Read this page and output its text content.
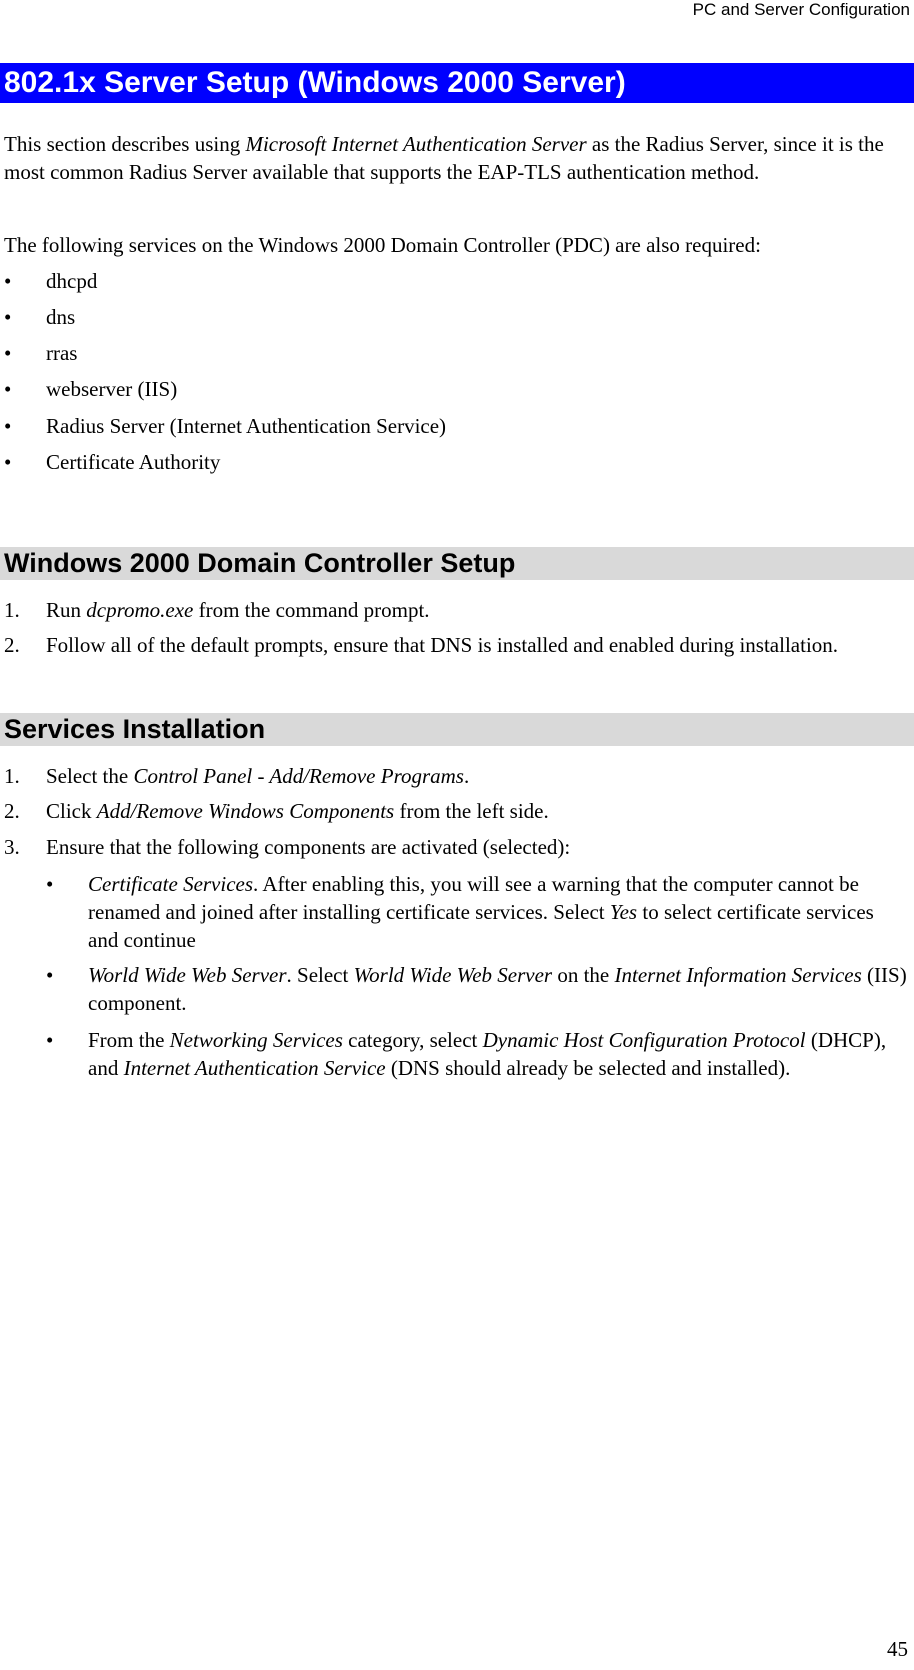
PC and Server Configuration
802.1x Server Setup (Windows 2000 Server)

This section describes using Microsoft Internet Authentication Server as the Radius Server, since it is the most common Radius Server available that supports the EAP-TLS authentication method.

The following services on the Windows 2000 Domain Controller (PDC) are also required:

• dhcpd
• dns
• rras
• webserver (IIS)
• Radius Server (Internet Authentication Service)
• Certificate Authority
Windows 2000 Domain Controller Setup
1. Run dcpromo.exe from the command prompt.
2. Follow all of the default prompts, ensure that DNS is installed and enabled during installation.
Services Installation
1. Select the Control Panel - Add/Remove Programs.
2. Click Add/Remove Windows Components from the left side.
3. Ensure that the following components are activated (selected):
• Certificate Services. After enabling this, you will see a warning that the computer cannot be renamed and joined after installing certificate services. Select Yes to select certificate services and continue
• World Wide Web Server. Select World Wide Web Server on the Internet Information Services (IIS) component.
• From the Networking Services category, select Dynamic Host Configuration Protocol (DHCP), and Internet Authentication Service (DNS should already be selected and installed).
45
